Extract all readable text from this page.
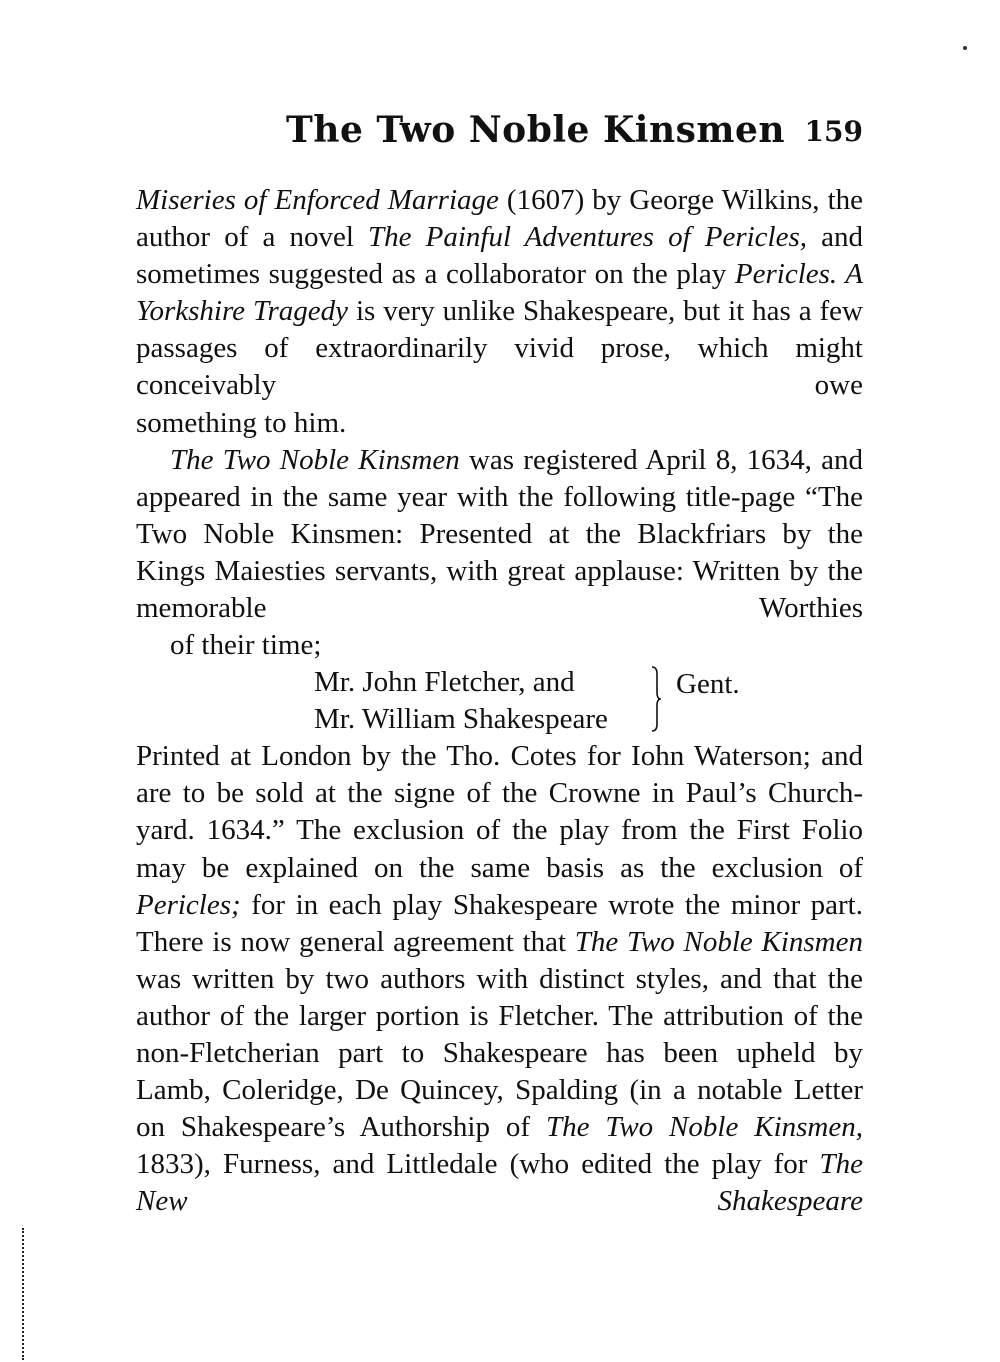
The Two Noble Kinsmen 159

Miseries of Enforced Marriage (1607) by George Wilkins, the author of a novel The Painful Adventures of Pericles, and sometimes suggested as a collaborator on the play Pericles. A Yorkshire Tragedy is very unlike Shakespeare, but it has a few passages of extraordinarily vivid prose, which might conceivably owe
something to him.

The Two Noble Kinsmen was registered April 8, 1634, and appeared in the same year with the following title-page “The Two Noble Kinsmen: Presented at the Blackfriars by the Kings Maiesties servants, with great applause: Written by the memorable Worthies
of their time;

Mr. John Fletcher, and
Mr. William Shakespeare
Gent.

Printed at London by the Tho. Cotes for Iohn Waterson; and are to be sold at the signe of the Crowne in Paul’s Church-yard. 1634.” The exclusion of the play from the First Folio may be explained on the same basis as the exclusion of Pericles; for in each play Shakespeare wrote the minor part. There is now general agreement that The Two Noble Kinsmen was written by two authors with distinct styles, and that the author of the larger portion is Fletcher. The attribution of the non-Fletcherian part to Shakespeare has been upheld by Lamb, Coleridge, De Quincey, Spalding (in a notable Letter on Shakespeare’s Authorship of The Two Noble Kinsmen, 1833), Furness, and Littledale (who edited the play for The New Shakespeare
